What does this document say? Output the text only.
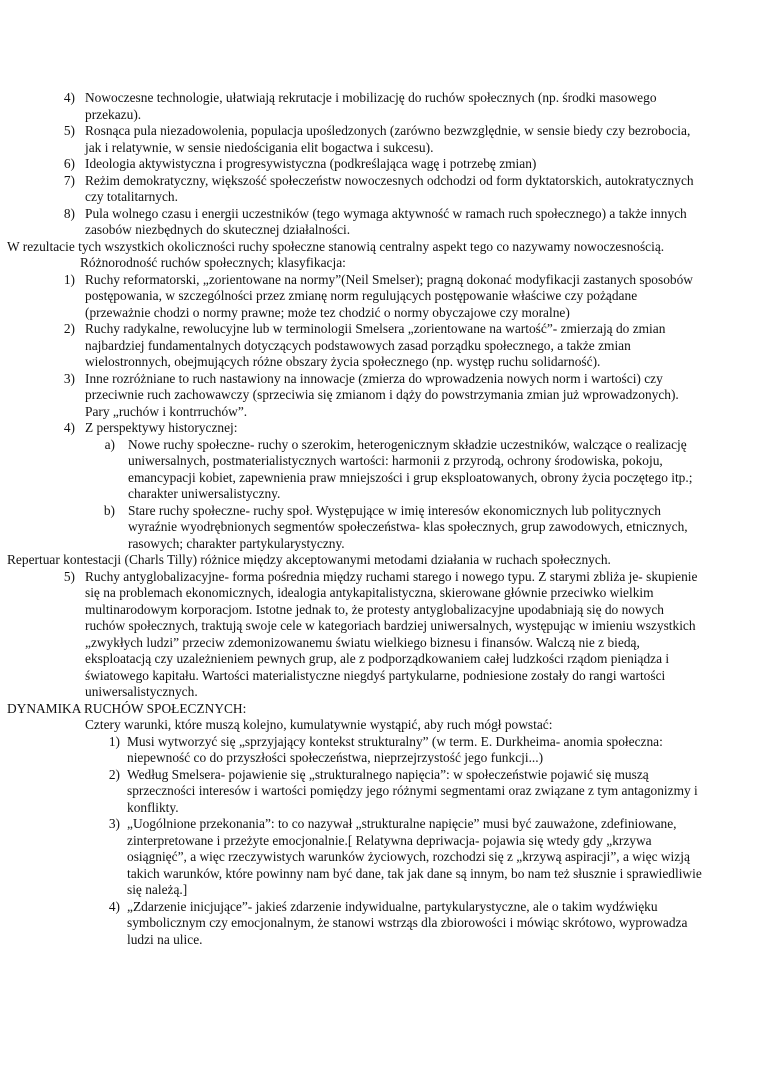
4) Nowoczesne technologie, ułatwiają rekrutacje i mobilizację do ruchów społecznych (np. środki masowego przekazu).
5) Rosnąca pula niezadowolenia, populacja upośledzonych (zarówno bezwzględnie, w sensie biedy czy bezrobocia, jak i relatywnie, w sensie niedościgania elit bogactwa i sukcesu).
6) Ideologia aktywistyczna i progresywistyczna (podkreślająca wagę i potrzebę zmian)
7) Reżim demokratyczny, większość społeczeństw nowoczesnych odchodzi od form dyktatorskich, autokratycznych czy totalitarnych.
8) Pula wolnego czasu i energii uczestników (tego wymaga aktywność w ramach ruch społecznego) a także innych zasobów niezbędnych do skutecznej działalności.
W rezultacie tych wszystkich okoliczności ruchy społeczne stanowią centralny aspekt tego co nazywamy nowoczesnością.
Różnorodność ruchów społecznych; klasyfikacja:
1) Ruchy reformatorski, „zorientowane na normy”(Neil Smelser); pragną dokonać modyfikacji zastanych sposobów postępowania, w szczególności przez zmianę norm regulujących postępowanie właściwe czy pożądane (przeważnie chodzi o normy prawne; może tez chodzić o normy obyczajowe czy moralne)
2) Ruchy radykalne, rewolucyjne lub w terminologii Smelsera „zorientowane na wartość”- zmierzają do zmian najbardziej fundamentalnych dotyczących podstawowych zasad porządku społecznego, a także zmian wielostronnych, obejmujących różne obszary życia społecznego (np. występ ruchu solidarność).
3) Inne rozróżniane to ruch nastawiony na innowacje (zmierza do wprowadzenia nowych norm i wartości) czy przeciwnie ruch zachowawczy (sprzeciwia się zmianom i dąży do powstrzymania zmian już wprowadzonych). Pary „ruchów i kontrruchów”.
4) Z perspektywy historycznej:
a) Nowe ruchy społeczne- ruchy o szerokim, heterogenicznym składzie uczestników, walczące o realizację uniwersalnych, postmaterialistycznych wartości: harmonii z przyrodą, ochrony środowiska, pokoju, emancypacji kobiet, zapewnienia praw mniejszości i grup eksploatowanych, obrony życia poczętego itp.; charakter uniwersalistyczny.
b) Stare ruchy społeczne- ruchy społ. Występujące w imię interesów ekonomicznych lub politycznych wyraźnie wyodrębnionych segmentów społeczeństwa- klas społecznych, grup zawodowych, etnicznych, rasowych; charakter partykularystyczny.
Repertuar kontestacji (Charls Tilly) różnice między akceptowanymi metodami działania w ruchach społecznych.
5) Ruchy antyglobalizacyjne- forma pośrednia między ruchami starego i nowego typu. Z starymi zbliża je- skupienie się na problemach ekonomicznych, idealogia antykapitalistyczna, skierowane głównie przeciwko wielkim multinarodowym korporacjom. Istotne jednak to, że protesty antyglobalizacyjne upodabniają się do nowych ruchów społecznych, traktują swoje cele w kategoriach bardziej uniwersalnych, występując w imieniu wszystkich „zwykłych ludzi” przeciw zdemonizowanemu światu wielkiego biznesu i finansów. Walczą nie z biedą, eksploatacją czy uzależnieniem pewnych grup, ale z podporządkowaniem całej ludzkości rządom pieniądza i światowego kapitału. Wartości materialistyczne niegdyś partykularne, podniesione zostały do rangi wartości uniwersalistycznych.
DYNAMIKA RUCHÓW SPOŁECZNYCH:
Cztery warunki, które muszą kolejno, kumulatywnie wystąpić, aby ruch mógł powstać:
1) Musi wytworzyć się „sprzyjający kontekst strukturalny” (w term. E. Durkheima- anomia społeczna: niepewność co do przyszłości społeczeństwa, nieprzejrzystość jego funkcji...)
2) Według Smelsera- pojawienie się „strukturalnego napięcia”: w społeczeństwie pojawić się muszą sprzeczności interesów i wartości pomiędzy jego różnymi segmentami oraz związane z tym antagonizmy i konflikty.
3) „Uogólnione przekonania”: to co nazywał „strukturalne napięcie” musi być zauważone, zdefiniowane, zinterpretowane i przeżyte emocjonalnie.[ Relatywna depriwacja- pojawia się wtedy gdy „krzywa osiągnięć”, a więc rzeczywistych warunków życiowych, rozchodzi się z „krzywą aspiracji”, a więc wizją takich warunków, które powinny nam być dane, tak jak dane są innym, bo nam też słusznie i sprawiedliwie się należą.]
4) „Zdarzenie inicjujące”- jakieś zdarzenie indywidualne, partykularystyczne, ale o takim wydźwięku symbolicznym czy emocjonalnym, że stanowi wstrząs dla zbiorowości i mówiąc skrótowo, wyprowadza ludzi na ulice.
